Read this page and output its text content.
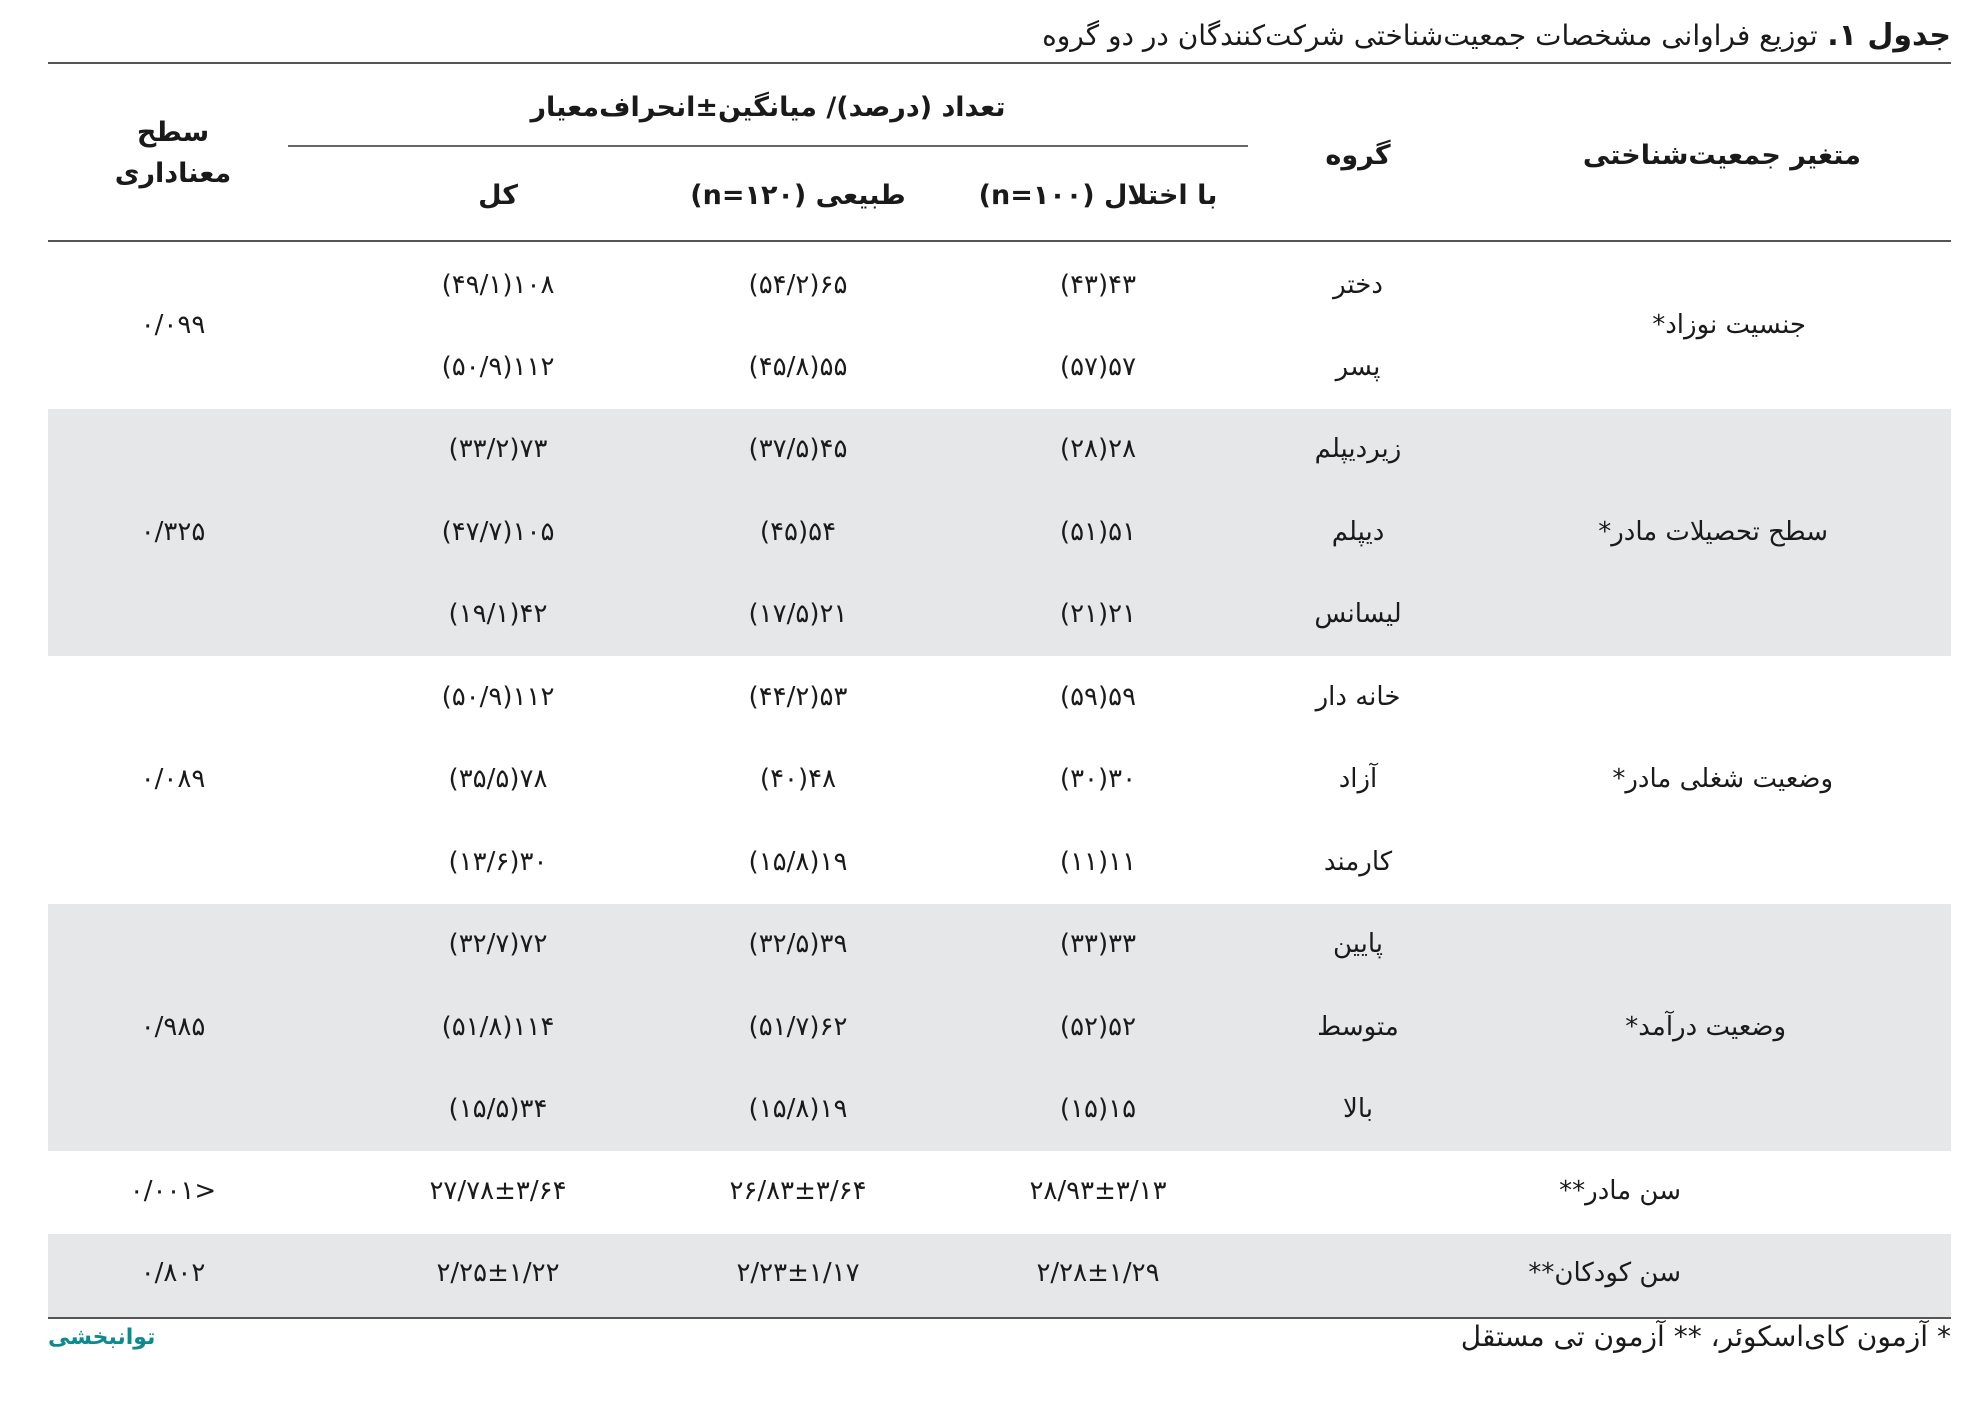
جدول ۱. توزیع فراوانی مشخصات جمعیت‌شناختی شرکت‌کنندگان در دو گروه
متغیر جمعیت‌شناختی
گروه
تعداد (درصد)/ میانگین±انحراف‌معیار
با اختلال (n=۱۰۰)
طبیعی (n=۱۲۰)
کل
سطح
معناداری
جنسیت نوزاد*
۰/۰۹۹
دختر
۴۳(۴۳)
۶۵(۵۴/۲)
۱۰۸(۴۹/۱)
پسر
۵۷(۵۷)
۵۵(۴۵/۸)
۱۱۲(۵۰/۹)
سطح تحصیلات مادر*
۰/۳۲۵
زیردیپلم
۲۸(۲۸)
۴۵(۳۷/۵)
۷۳(۳۳/۲)
دیپلم
۵۱(۵۱)
۵۴(۴۵)
۱۰۵(۴۷/۷)
لیسانس
۲۱(۲۱)
۲۱(۱۷/۵)
۴۲(۱۹/۱)
وضعیت شغلی مادر*
۰/۰۸۹
خانه دار
۵۹(۵۹)
۵۳(۴۴/۲)
۱۱۲(۵۰/۹)
آزاد
۳۰(۳۰)
۴۸(۴۰)
۷۸(۳۵/۵)
کارمند
۱۱(۱۱)
۱۹(۱۵/۸)
۳۰(۱۳/۶)
وضعیت درآمد*
۰/۹۸۵
پایین
۳۳(۳۳)
۳۹(۳۲/۵)
۷۲(۳۲/۷)
متوسط
۵۲(۵۲)
۶۲(۵۱/۷)
۱۱۴(۵۱/۸)
بالا
۱۵(۱۵)
۱۹(۱۵/۸)
۳۴(۱۵/۵)
سن مادر**
۲۸/۹۳±۳/۱۳
۲۶/۸۳±۳/۶۴
۲۷/۷۸±۳/۶۴
<۰/۰۰۱
سن کودکان**
۲/۲۸±۱/۲۹
۲/۲۳±۱/۱۷
۲/۲۵±۱/۲۲
۰/۸۰۲
* آزمون کای‌اسکوئر، ** آزمون تی مستقل
توانبخشی
